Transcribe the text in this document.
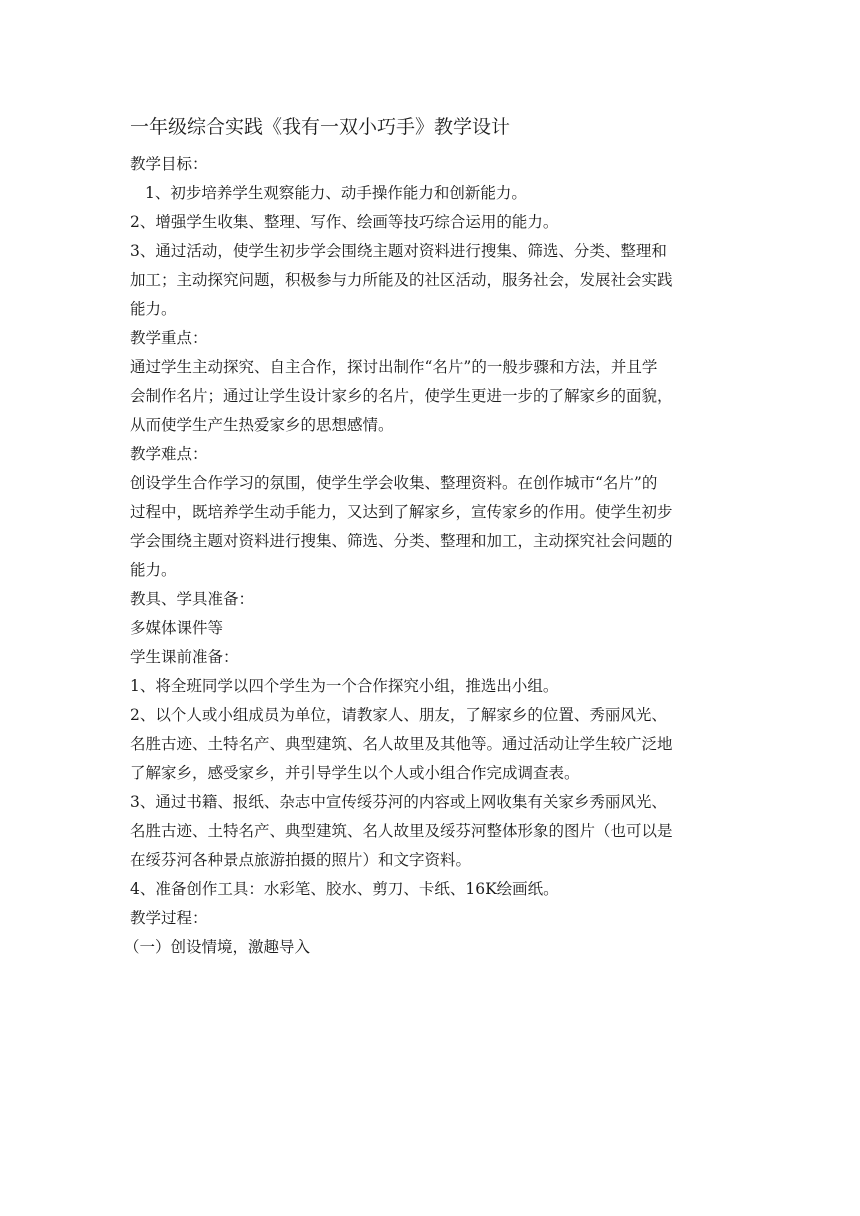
一年级综合实践《我有一双小巧手》教学设计

教学目标：

1、初步培养学生观察能力、动手操作能力和创新能力。

2、增强学生收集、整理、写作、绘画等技巧综合运用的能力。

3、通过活动，使学生初步学会围绕主题对资料进行搜集、筛选、分类、整理和

加工；主动探究问题，积极参与力所能及的社区活动，服务社会，发展社会实践

能力。

教学重点：

通过学生主动探究、自主合作，探讨出制作“名片”的一般步骤和方法，并且学

会制作名片；通过让学生设计家乡的名片，使学生更进一步的了解家乡的面貌，

从而使学生产生热爱家乡的思想感情。

教学难点：

创设学生合作学习的氛围，使学生学会收集、整理资料。在创作城市“名片”的

过程中，既培养学生动手能力，又达到了解家乡，宣传家乡的作用。使学生初步

学会围绕主题对资料进行搜集、筛选、分类、整理和加工，主动探究社会问题的

能力。

教具、学具准备：

多媒体课件等

学生课前准备：

1、将全班同学以四个学生为一个合作探究小组，推选出小组。

2、以个人或小组成员为单位，请教家人、朋友，了解家乡的位置、秀丽风光、

名胜古迹、土特名产、典型建筑、名人故里及其他等。通过活动让学生较广泛地

了解家乡，感受家乡，并引导学生以个人或小组合作完成调查表。

3、通过书籍、报纸、杂志中宣传绥芬河的内容或上网收集有关家乡秀丽风光、

名胜古迹、土特名产、典型建筑、名人故里及绥芬河整体形象的图片（也可以是

在绥芬河各种景点旅游拍摄的照片）和文字资料。

4、准备创作工具：水彩笔、胶水、剪刀、卡纸、16K绘画纸。

教学过程：

（一）创设情境，激趣导入
